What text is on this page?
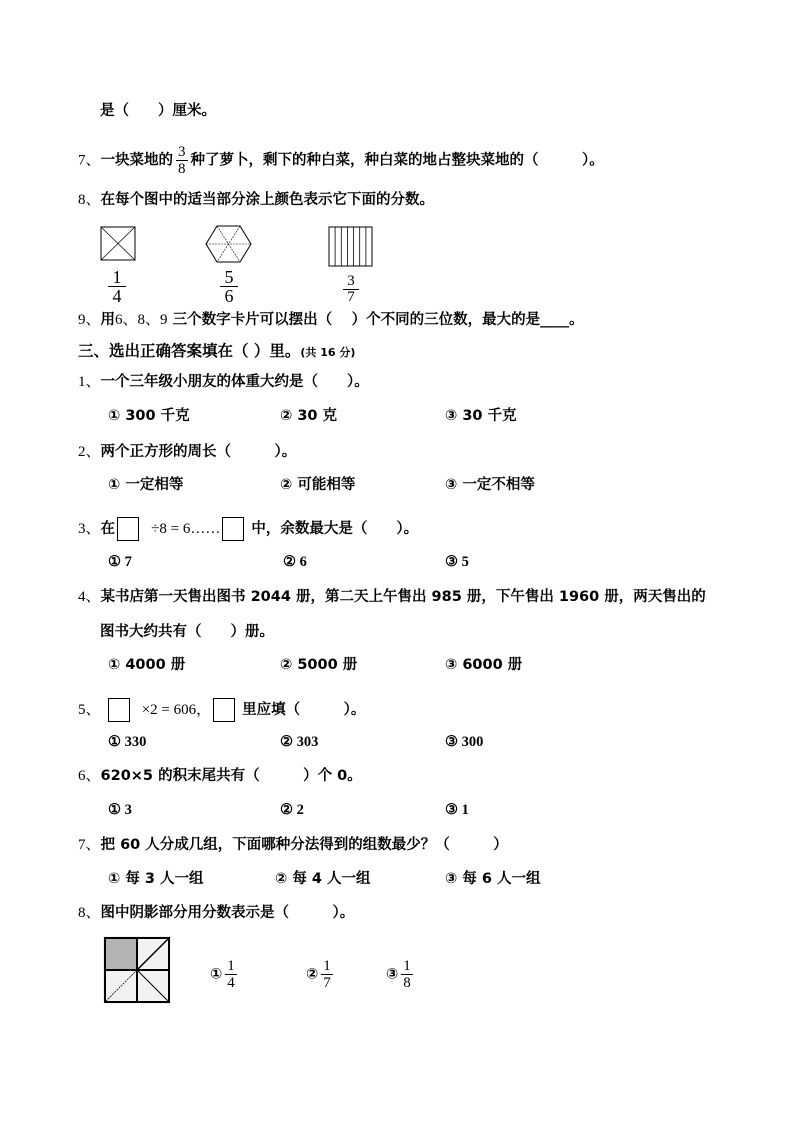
是（　　）厘米。
7、一块菜地的 $\frac{3}{8}$ 种了萝卜，剩下的种白菜，种白菜的地占整块菜地的（　　　）。
8、在每个图中的适当部分涂上颜色表示它下面的分数。
$\frac{1}{4}$	$\frac{5}{6}$	$\frac{3}{7}$
9、用6、8、9 三个数字卡片可以摆出（　 ）个不同的三位数，最大的是____。
三、选出正确答案填在（ ）里。(共 16 分)
1、一个三年级小朋友的体重大约是（　　）。
① 300 千克	② 30 克	③ 30 千克
2、两个正方形的周长（　　　）。
① 一定相等	② 可能相等	③ 一定不相等
3、在 ÷8 = 6…… 中，余数最大是（　　）。
① 7	② 6	③ 5
4、某书店第一天售出图书 2044 册，第二天上午售出 985 册，下午售出 1960 册，两天售出的
图书大约共有（　　）册。
① 4000 册	② 5000 册	③ 6000 册
5、	×2 = 606， 里应填（　　　）。
① 330	② 303	③ 300
6、620×5 的积末尾共有（　　　）个 0。
① 3	② 2	③ 1
7、把 60 人分成几组，下面哪种分法得到的组数最少？（　　　）
① 每 3 人一组	② 每 4 人一组	③ 每 6 人一组
8、图中阴影部分用分数表示是（　　　）。
① $\frac{1}{4}$	② $\frac{1}{7}$	③ $\frac{1}{8}$
